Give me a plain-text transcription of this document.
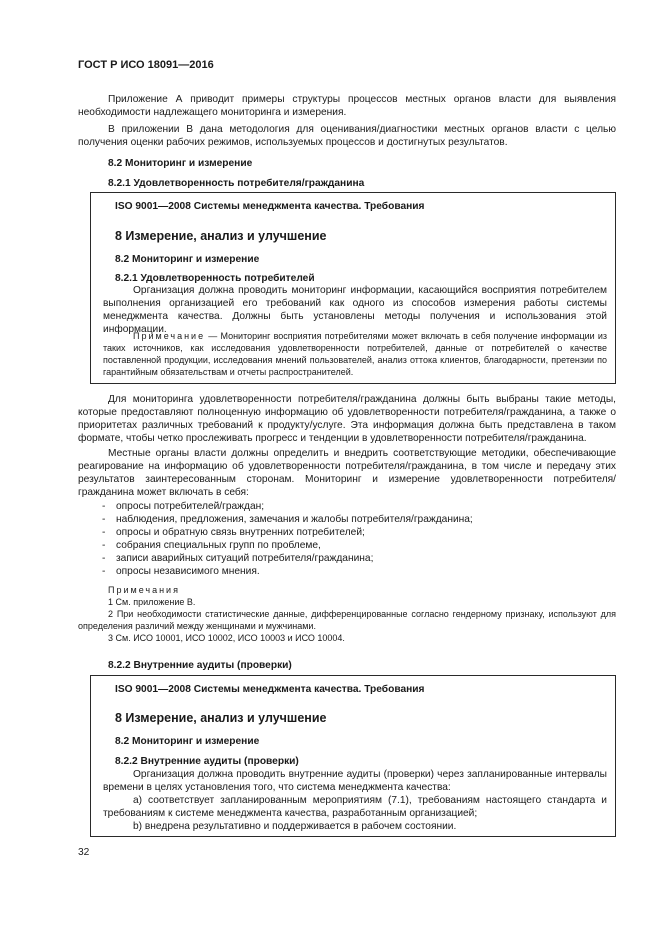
ГОСТ Р ИСО 18091—2016

Приложение А приводит примеры структуры процессов местных органов власти для выявления необходимости надлежащего мониторинга и измерения.

В приложении В дана методология для оценивания/диагностики местных органов власти с целью получения оценки рабочих режимов, используемых процессов и достигнутых результатов.

8.2 Мониторинг и измерение
8.2.1 Удовлетворенность потребителя/гражданина
ISO 9001—2008 Системы менеджмента качества. Требования
8 Измерение, анализ и улучшение
8.2 Мониторинг и измерение
8.2.1 Удовлетворенность потребителей
Организация должна проводить мониторинг информации, касающийся восприятия потребителем выполнения организацией его требований как одного из способов измерения работы системы менеджмента качества. Должны быть установлены методы получения и использования этой информации.
Примечание — Мониторинг восприятия потребителями может включать в себя получение информации из таких источников, как исследования удовлетворенности потребителей, данные от потребителей о качестве поставленной продукции, исследования мнений пользователей, анализ оттока клиентов, благодарности, претензии по гарантийным обязательствам и отчеты распространителей.

Для мониторинга удовлетворенности потребителя/гражданина должны быть выбраны такие методы, которые предоставляют полноценную информацию об удовлетворенности потребителя/гражданина, а также о приоритетах различных требований к продукту/услуге. Эта информация должна быть представлена в таком формате, чтобы четко прослеживать прогресс и тенденции в удовлетворенности потребителя/гражданина.

Местные органы власти должны определить и внедрить соответствующие методики, обеспечивающие реагирование на информацию об удовлетворенности потребителя/гражданина, в том числе и передачу этих результатов заинтересованным сторонам. Мониторинг и измерение удовлетворенности потребителя/гражданина может включать в себя:

- опросы потребителей/граждан;
- наблюдения, предложения, замечания и жалобы потребителя/гражданина;
- опросы и обратную связь внутренних потребителей;
- собрания специальных групп по проблеме,
- записи аварийных ситуаций потребителя/гражданина;
- опросы независимого мнения.

Примечания

1 См. приложение В.

2 При необходимости статистические данные, дифференцированные согласно гендерному признаку, используют для определения различий между женщинами и мужчинами.

3 См. ИСО 10001, ИСО 10002, ИСО 10003 и ИСО 10004.

8.2.2 Внутренние аудиты (проверки)
ISO 9001—2008 Системы менеджмента качества. Требования
8 Измерение, анализ и улучшение
8.2 Мониторинг и измерение
8.2.2 Внутренние аудиты (проверки)

Организация должна проводить внутренние аудиты (проверки) через запланированные интервалы времени в целях установления того, что система менеджмента качества:

a) соответствует запланированным мероприятиям (7.1), требованиям настоящего стандарта и требованиям к системе менеджмента качества, разработанным организацией;

b) внедрена результативно и поддерживается в рабочем состоянии.

32
